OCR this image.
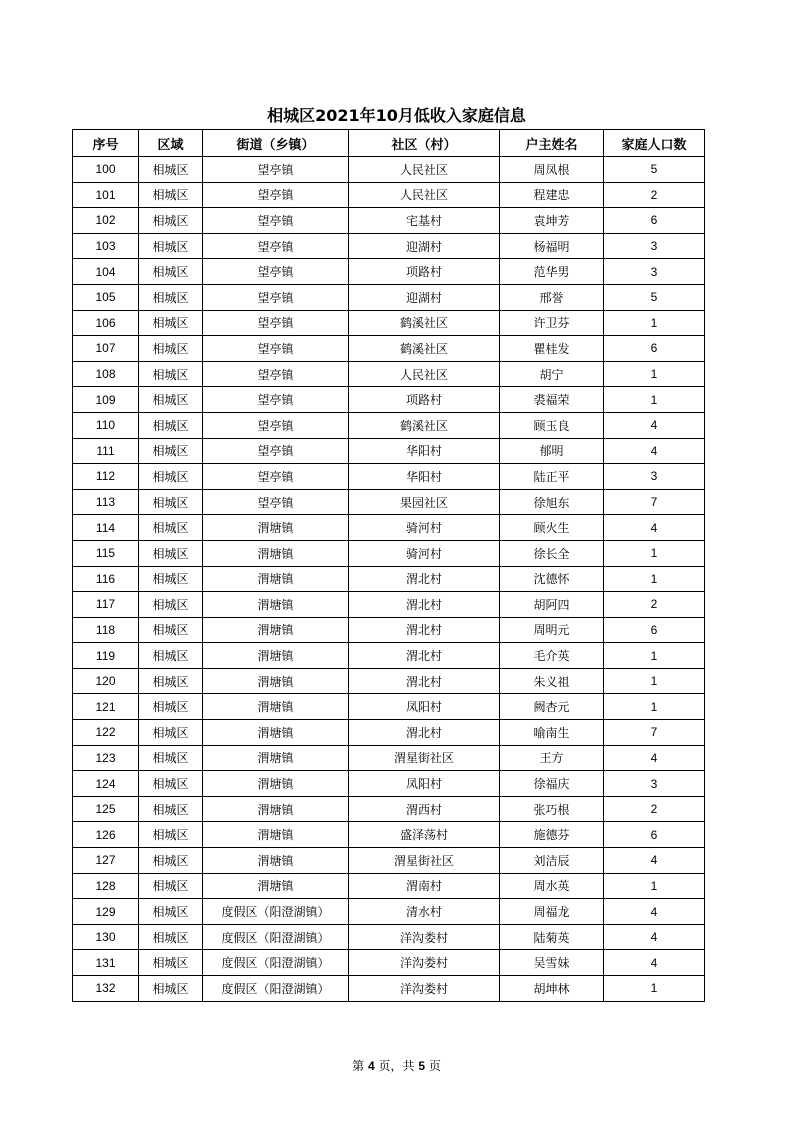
相城区2021年10月低收入家庭信息
序号	区域	街道（乡镇）	社区（村）	户主姓名	家庭人口数
100	相城区	望亭镇	人民社区	周凤根	5
101	相城区	望亭镇	人民社区	程建忠	2
102	相城区	望亭镇	宅基村	袁坤芳	6
103	相城区	望亭镇	迎湖村	杨福明	3
104	相城区	望亭镇	项路村	范华男	3
105	相城区	望亭镇	迎湖村	邢誉	5
106	相城区	望亭镇	鹤溪社区	许卫芬	1
107	相城区	望亭镇	鹤溪社区	瞿桂发	6
108	相城区	望亭镇	人民社区	胡宁	1
109	相城区	望亭镇	项路村	裘福荣	1
110	相城区	望亭镇	鹤溪社区	顾玉良	4
111	相城区	望亭镇	华阳村	郁明	4
112	相城区	望亭镇	华阳村	陆正平	3
113	相城区	望亭镇	果园社区	徐旭东	7
114	相城区	渭塘镇	骑河村	顾火生	4
115	相城区	渭塘镇	骑河村	徐长全	1
116	相城区	渭塘镇	渭北村	沈德怀	1
117	相城区	渭塘镇	渭北村	胡阿四	2
118	相城区	渭塘镇	渭北村	周明元	6
119	相城区	渭塘镇	渭北村	毛介英	1
120	相城区	渭塘镇	渭北村	朱义祖	1
121	相城区	渭塘镇	凤阳村	阙杏元	1
122	相城区	渭塘镇	渭北村	喻南生	7
123	相城区	渭塘镇	渭星街社区	王方	4
124	相城区	渭塘镇	凤阳村	徐福庆	3
125	相城区	渭塘镇	渭西村	张巧根	2
126	相城区	渭塘镇	盛泽荡村	施德芬	6
127	相城区	渭塘镇	渭星街社区	刘洁辰	4
128	相城区	渭塘镇	渭南村	周水英	1
129	相城区	度假区（阳澄湖镇）	清水村	周福龙	4
130	相城区	度假区（阳澄湖镇）	洋沟娄村	陆菊英	4
131	相城区	度假区（阳澄湖镇）	洋沟娄村	吴雪妹	4
132	相城区	度假区（阳澄湖镇）	洋沟娄村	胡坤林	1
第 4 页，共 5 页
